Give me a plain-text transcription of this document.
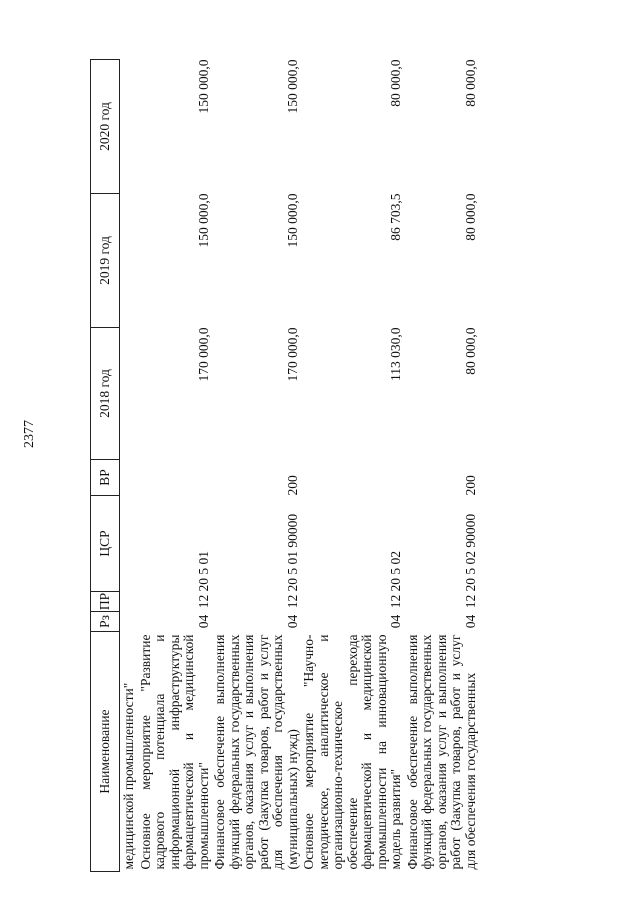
2377
Наименование	Рз	ПР	ЦСР	ВР	2018 год	2019 год	2020 год
медицинской промышленности"							
Основное мероприятие "Развитие кадрового потенциала и информационной инфраструктуры фармацевтической и медицинской промышленности"	04	12	20 5 01		170 000,0	150 000,0	150 000,0
Финансовое обеспечение выполнения функций федеральных государственных органов, оказания услуг и выполнения работ (Закупка товаров, работ и услуг для обеспечения государственных (муниципальных) нужд)	04	12	20 5 01 90000	200	170 000,0	150 000,0	150 000,0
Основное мероприятие "Научно-методическое, аналитическое и организационно-техническое обеспечение перехода фармацевтической и медицинской промышленности на инновационную модель развития"	04	12	20 5 02		113 030,0	86 703,5	80 000,0
Финансовое обеспечение выполнения функций федеральных государственных органов, оказания услуг и выполнения работ (Закупка товаров, работ и услуг для обеспечения государственных	04	12	20 5 02 90000	200	80 000,0	80 000,0	80 000,0
